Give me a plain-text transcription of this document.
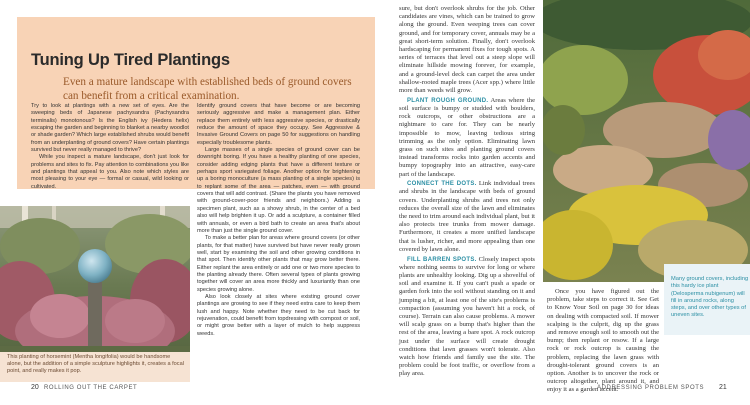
Tuning Up Tired Plantings

Even a mature landscape with established beds of ground covers can benefit from a critical examination.

Try to look at plantings with a new set of eyes. Are the sweeping beds of Japanese pachysandra (Pachysandra terminalis) monotonous? Is the English ivy (Hedera helix) escaping the garden and beginning to blanket a nearby woodlot or shade garden? Which large established shrubs would benefit from an underplanting of ground covers? Have certain plantings survived but never really managed to thrive?

While you inspect a mature landscape, don't just look for problems and sites to fix. Pay attention to combinations you like and plantings that appeal to you. Also note which styles are most pleasing to your eye — formal or casual, wild looking or cultivated.

Identify ground covers that have become or are becoming seriously aggressive and make a management plan. Either replace them entirely with less aggressive species, or drastically reduce the amount of space they occupy. See Aggressive & Invasive Ground Covers on page 50 for suggestions on handling especially troublesome plants.

Large masses of a single species of ground cover can be downright boring. If you have a healthy planting of one species, consider adding edging plants that have a different texture or perhaps sport variegated foliage. Another option for brightening up a boring monoculture (a mass planting of a single species) is to replant some of the area — patches, even — with ground covers that will add contrast. (Share the plants you have removed with ground-cover-poor friends and neighbors.) Adding a specimen plant, such as a showy shrub, in the center of a bed also will help brighten it up. Or add a sculpture, a container filled with annuals, or even a bird bath to create an area that's about more than just the single ground cover.

To make a better plan for areas where ground covers (or other plants, for that matter) have survived but have never really grown well, start by examining the soil and other growing conditions in that spot. Then identify other plants that may grow better there. Either replant the area entirely or add one or two more species to the planting already there. Often several types of plants growing together will cover an area more thickly and luxuriantly than one species growing alone.

Also look closely at sites where existing ground cover plantings are growing to see if they need extra care to keep them lush and happy. Note whether they need to be cut back for rejuvenation, could benefit from topdressing with compost or soil, or might grow better with a layer of mulch to help suppress weeds.

This planting of horsemint (Mentha longifolia) would be handsome alone, but the addition of a simple sculpture highlights it, creates a focal point, and really makes it pop.

20 ROLLING OUT THE CARPET

sure, but don't overlook shrubs for the job. Other candidates are vines, which can be trained to grow along the ground. Even weeping trees can cover ground, and for temporary cover, annuals may be a great short-term solution. Finally, don't overlook hardscaping for permanent fixes for tough spots. A series of terraces that level out a steep slope will eliminate hillside mowing forever, for example, and a ground-level deck can carpet the area under shallow-rooted maple trees (Acer spp.) where little more than weeds will grow.

PLANT ROUGH GROUND. Areas where the soil surface is bumpy or studded with boulders, rock outcrops, or other obstructions are a nightmare to care for. They can be nearly impossible to mow, leaving tedious string trimming as the only option. Eliminating lawn grass on such sites and planting ground covers instead transforms rocks into garden accents and bumpy topography into an attractive, easy-care part of the landscape.

CONNECT THE DOTS. Link individual trees and shrubs in the landscape with beds of ground covers. Underplanting shrubs and trees not only reduces the overall size of the lawn and eliminates the need to trim around each individual plant, but it also protects tree trunks from mower damage. Furthermore, it creates a more unified landscape that is lusher, richer, and more appealing than one covered by lawn alone.

FILL BARREN SPOTS. Closely inspect spots where nothing seems to survive for long or where plants are unhealthy looking. Dig up a shovelful of soil and examine it. If you can't push a spade or garden fork into the soil without standing on it and jumping a bit, at least one of the site's problems is compaction (assuming you haven't hit a rock, of course). Terrain can also cause problems. A mower will scalp grass on a bump that's higher than the rest of the area, leaving a bare spot. A rock outcrop just under the surface will create drought conditions that lawn grasses won't tolerate. Also watch how friends and family use the site. The problem could be foot traffic, or overflow from a play area.

Many ground covers, including this hardy ice plant (Delosperma nubigenum) will fill in around rocks, along steps, and over other types of uneven sites.

Once you have figured out the problem, take steps to correct it. See Get to Know Your Soil on page 30 for ideas on dealing with compacted soil. If mower scalping is the culprit, dig up the grass and remove enough soil to smooth out the bump; then replant or resow. If a large rock or rock outcrop is causing the problem, replacing the lawn grass with drought-tolerant ground covers is an option. Another is to uncover the rock or outcrop altogether, plant around it, and enjoy it as a garden accent.

ADDRESSING PROBLEM SPOTS 21
